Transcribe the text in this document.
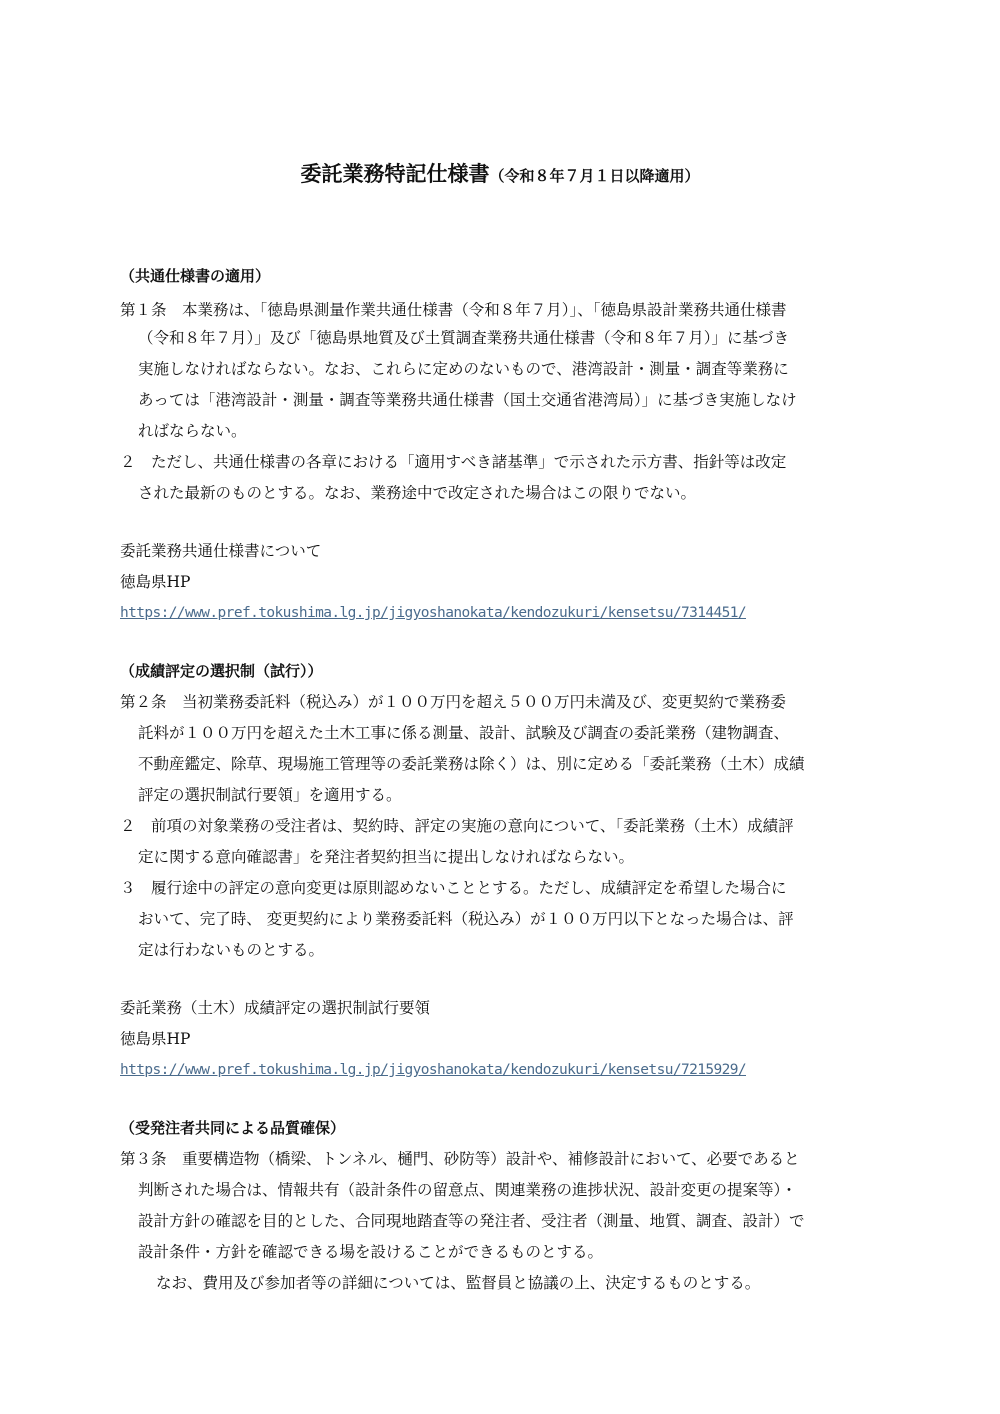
委託業務特記仕様書（令和８年７月１日以降適用）
（共通仕様書の適用）
第１条　本業務は、「徳島県測量作業共通仕様書（令和８年７月）」、「徳島県設計業務共通仕様書
（令和８年７月）」及び「徳島県地質及び土質調査業務共通仕様書（令和８年７月）」に基づき
実施しなければならない。なお、これらに定めのないもので、港湾設計・測量・調査等業務に
あっては「港湾設計・測量・調査等業務共通仕様書（国土交通省港湾局）」に基づき実施しなけ
ればならない。
２　ただし、共通仕様書の各章における「適用すべき諸基準」で示された示方書、指針等は改定
された最新のものとする。なお、業務途中で改定された場合はこの限りでない。
委託業務共通仕様書について
徳島県HP
https://www.pref.tokushima.lg.jp/jigyoshanokata/kendozukuri/kensetsu/7314451/
（成績評定の選択制（試行））
第２条　当初業務委託料（税込み）が１００万円を超え５００万円未満及び、変更契約で業務委
託料が１００万円を超えた土木工事に係る測量、設計、試験及び調査の委託業務（建物調査、
不動産鑑定、除草、現場施工管理等の委託業務は除く）は、別に定める「委託業務（土木）成績
評定の選択制試行要領」を適用する。
２　前項の対象業務の受注者は、契約時、評定の実施の意向について、「委託業務（土木）成績評
定に関する意向確認書」を発注者契約担当に提出しなければならない。
３　履行途中の評定の意向変更は原則認めないこととする。ただし、成績評定を希望した場合に
おいて、完了時、 変更契約により業務委託料（税込み）が１００万円以下となった場合は、評
定は行わないものとする。
委託業務（土木）成績評定の選択制試行要領
徳島県HP
https://www.pref.tokushima.lg.jp/jigyoshanokata/kendozukuri/kensetsu/7215929/
（受発注者共同による品質確保）
第３条　重要構造物（橋梁、トンネル、樋門、砂防等）設計や、補修設計において、必要であると
判断された場合は、情報共有（設計条件の留意点、関連業務の進捗状況、設計変更の提案等）・
設計方針の確認を目的とした、合同現地踏査等の発注者、受注者（測量、地質、調査、設計）で
設計条件・方針を確認できる場を設けることができるものとする。
なお、費用及び参加者等の詳細については、監督員と協議の上、決定するものとする。
